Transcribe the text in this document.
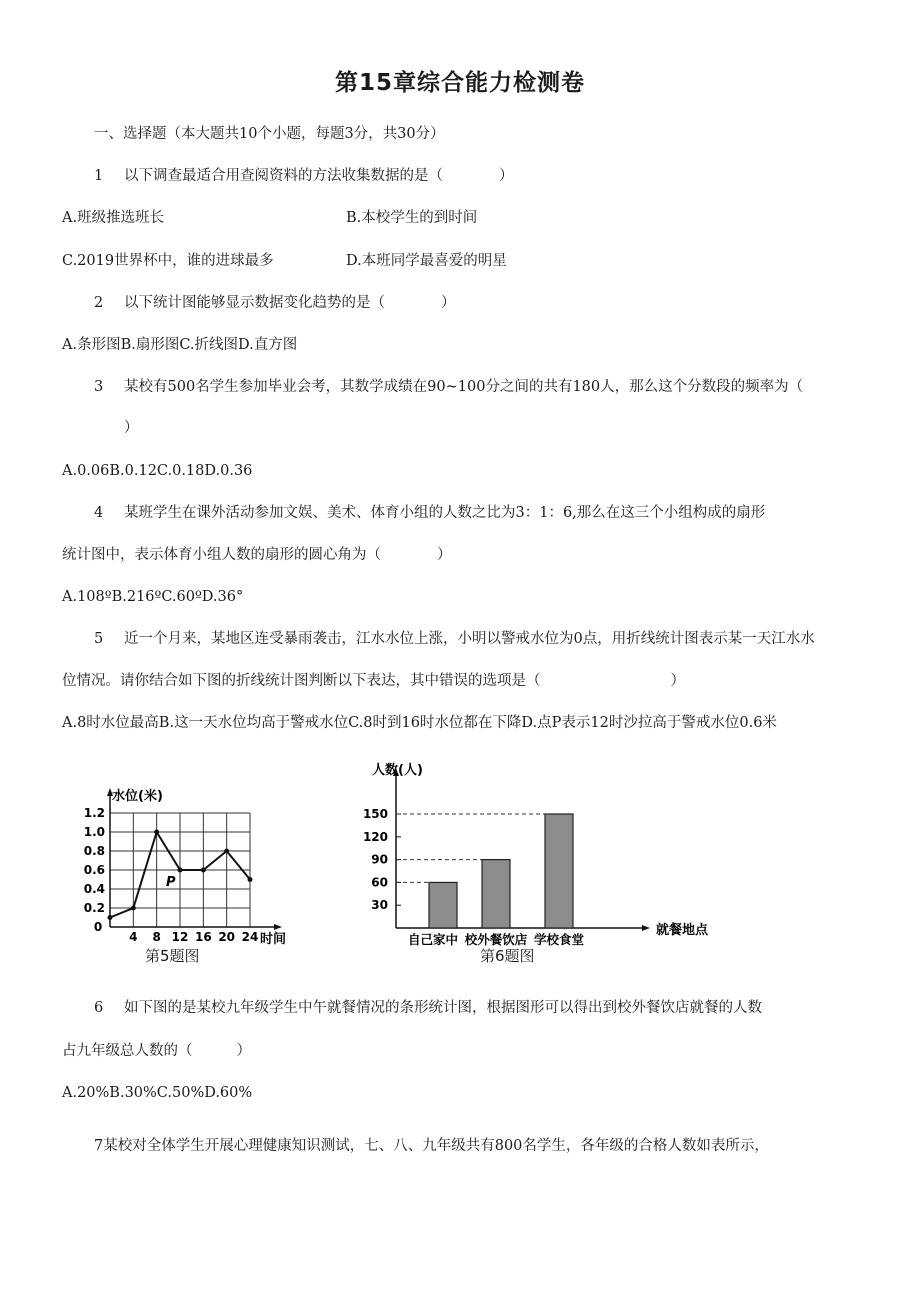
第15章综合能力检测卷
一、选择题（本大题共10个小题，每题3分，共30分）
1 以下调查最适合用查阅资料的方法收集数据的是（	）
A.班级推选班长	B.本校学生的到时间
C.2019世界杯中，谁的进球最多	D.本班同学最喜爱的明星
2 以下统计图能够显示数据变化趋势的是（	）
A.条形图B.扇形图C.折线图D.直方图
3 某校有500名学生参加毕业会考，其数学成绩在90~100分之间的共有180人，那么这个分数段的频率为（
）
A.0.06B.0.12C.0.18D.0.36
4 某班学生在课外活动参加文娱、美术、体育小组的人数之比为3：1：6,那么在这三个小组构成的扇形
统计图中，表示体育小组人数的扇形的圆心角为（	）
A.108ºB.216ºC.60ºD.36°
5 近一个月来，某地区连受暴雨袭击，江水水位上涨，小明以警戒水位为0点，用折线统计图表示某一天江水水
位情况。请你结合如下图的折线统计图判断以下表达，其中错误的选项是（	）
A.8时水位最高B.这一天水位均高于警戒水位C.8时到16时水位都在下降D.点P表示12时沙拉高于警戒水位0.6米
0
4 8 12 16 20 24
0.2
0.4
0.6
0.8
1.0
1.2
水位(米)
时间
P
第5题图
30
60
90
120
150
人数(人)
就餐地点
自己家中 校外餐饮店 学校食堂
第6题图
6 如下图的是某校九年级学生中午就餐情况的条形统计图，根据图形可以得出到校外餐饮店就餐的人数
占九年级总人数的（	）
A.20%B.30%C.50%D.60%
7某校对全体学生开展心理健康知识测试，七、八、九年级共有800名学生，各年级的合格人数如表所示，
